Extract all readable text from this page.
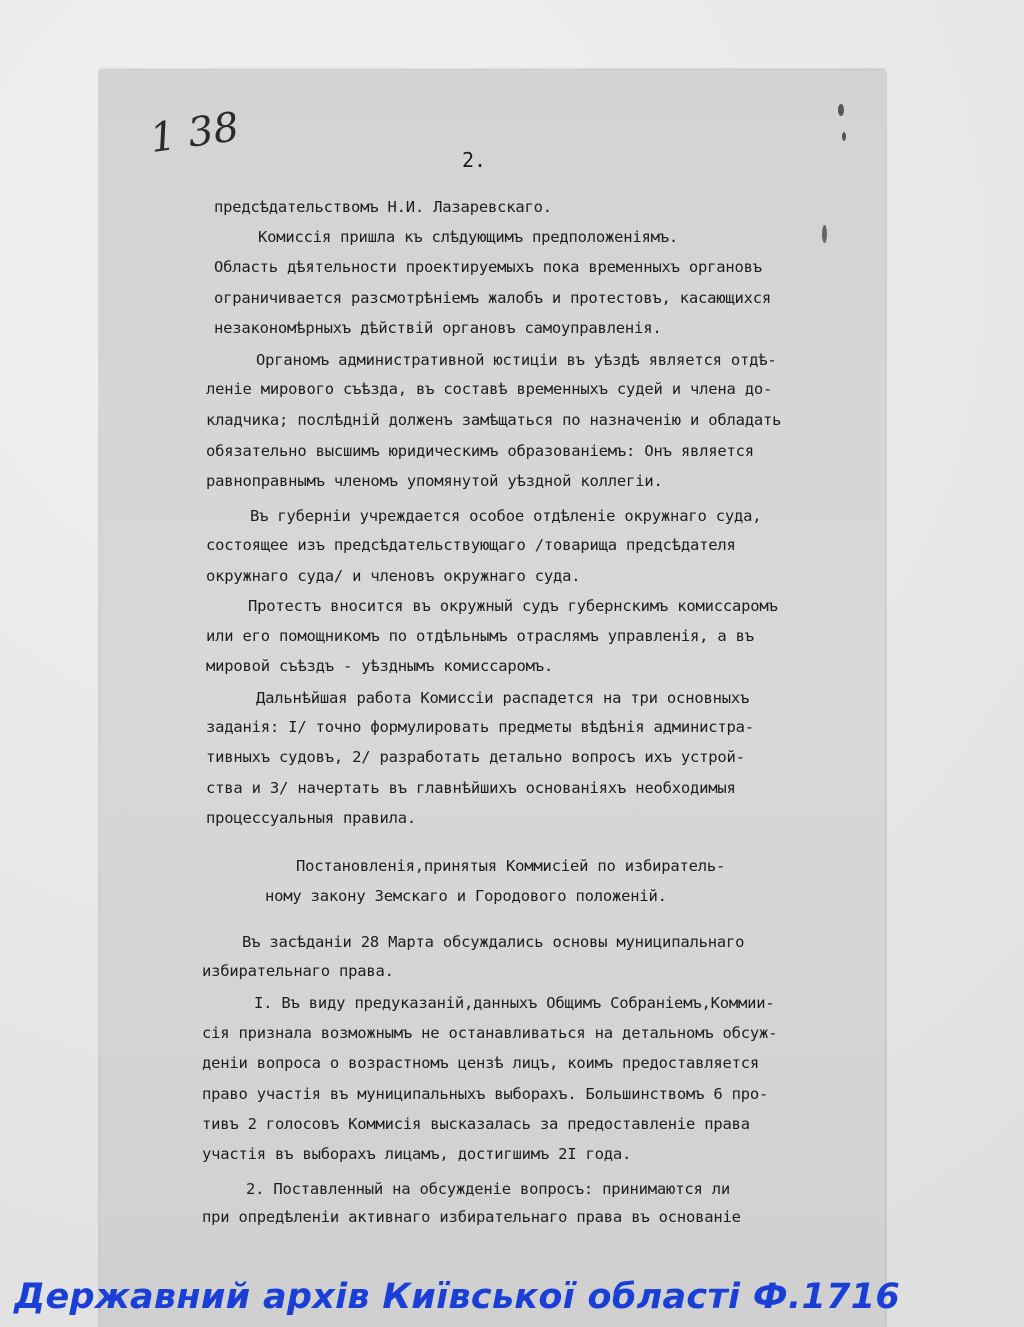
1 38	2.
предсѣдательствомъ Н.И. Лазаревскаго.
Комиссія пришла къ слѣдующимъ предположеніямъ.
Область дѣятельности проектируемыхъ пока временныхъ органовъ
ограничивается разсмотрѣніемъ жалобъ и протестовъ, касающихся
незакономѣрныхъ дѣйствій органовъ самоуправленія.
Органомъ административной юстиціи въ уѣздѣ является отдѣ-
леніе мирового съѣзда, въ составѣ временныхъ судей и члена до-
кладчика; послѣдній долженъ замѣщаться по назначенію и обладать
обязательно высшимъ юридическимъ образованіемъ: Онъ является
равноправнымъ членомъ упомянутой уѣздной коллегіи.
Въ губерніи учреждается особое отдѣленіе окружнаго суда,
состоящее изъ предсѣдательствующаго /товарища предсѣдателя
окружнаго суда/ и членовъ окружнаго суда.
Протестъ вносится въ окружный судъ губернскимъ комиссаромъ
или его помощникомъ по отдѣльнымъ отраслямъ управленія, а въ
мировой съѣздъ - уѣзднымъ комиссаромъ.
Дальнѣйшая работа Комиссіи распадется на три основныхъ
заданія: I/ точно формулировать предметы вѣдѣнія администра-
тивныхъ судовъ, 2/ разработать детально вопросъ ихъ устрой-
ства и 3/ начертать въ главнѣйшихъ основаніяхъ необходимыя
процессуальныя правила.
Постановленія,принятыя Коммисіей по избиратель-
ному закону Земскаго и Городового положеній.
Въ засѣданіи 28 Марта обсуждались основы муниципальнаго
избирательнаго права.
I. Въ виду предуказаній,данныхъ Общимъ Собраніемъ,Коммии-
сія признала возможнымъ не останавливаться на детальномъ обсуж-
деніи вопроса о возрастномъ цензѣ лицъ, коимъ предоставляется
право участія въ муниципальныхъ выборахъ. Большинствомъ 6 про-
тивъ 2 голосовъ Коммисія высказалась за предоставленіе права
участія въ выборахъ лицамъ, достигшимъ 2I года.
2. Поставленный на обсужденіе вопросъ: принимаются ли
при опредѣленіи активнаго избирательнаго права въ основаніе
Державний архів Київської області Ф.1716
